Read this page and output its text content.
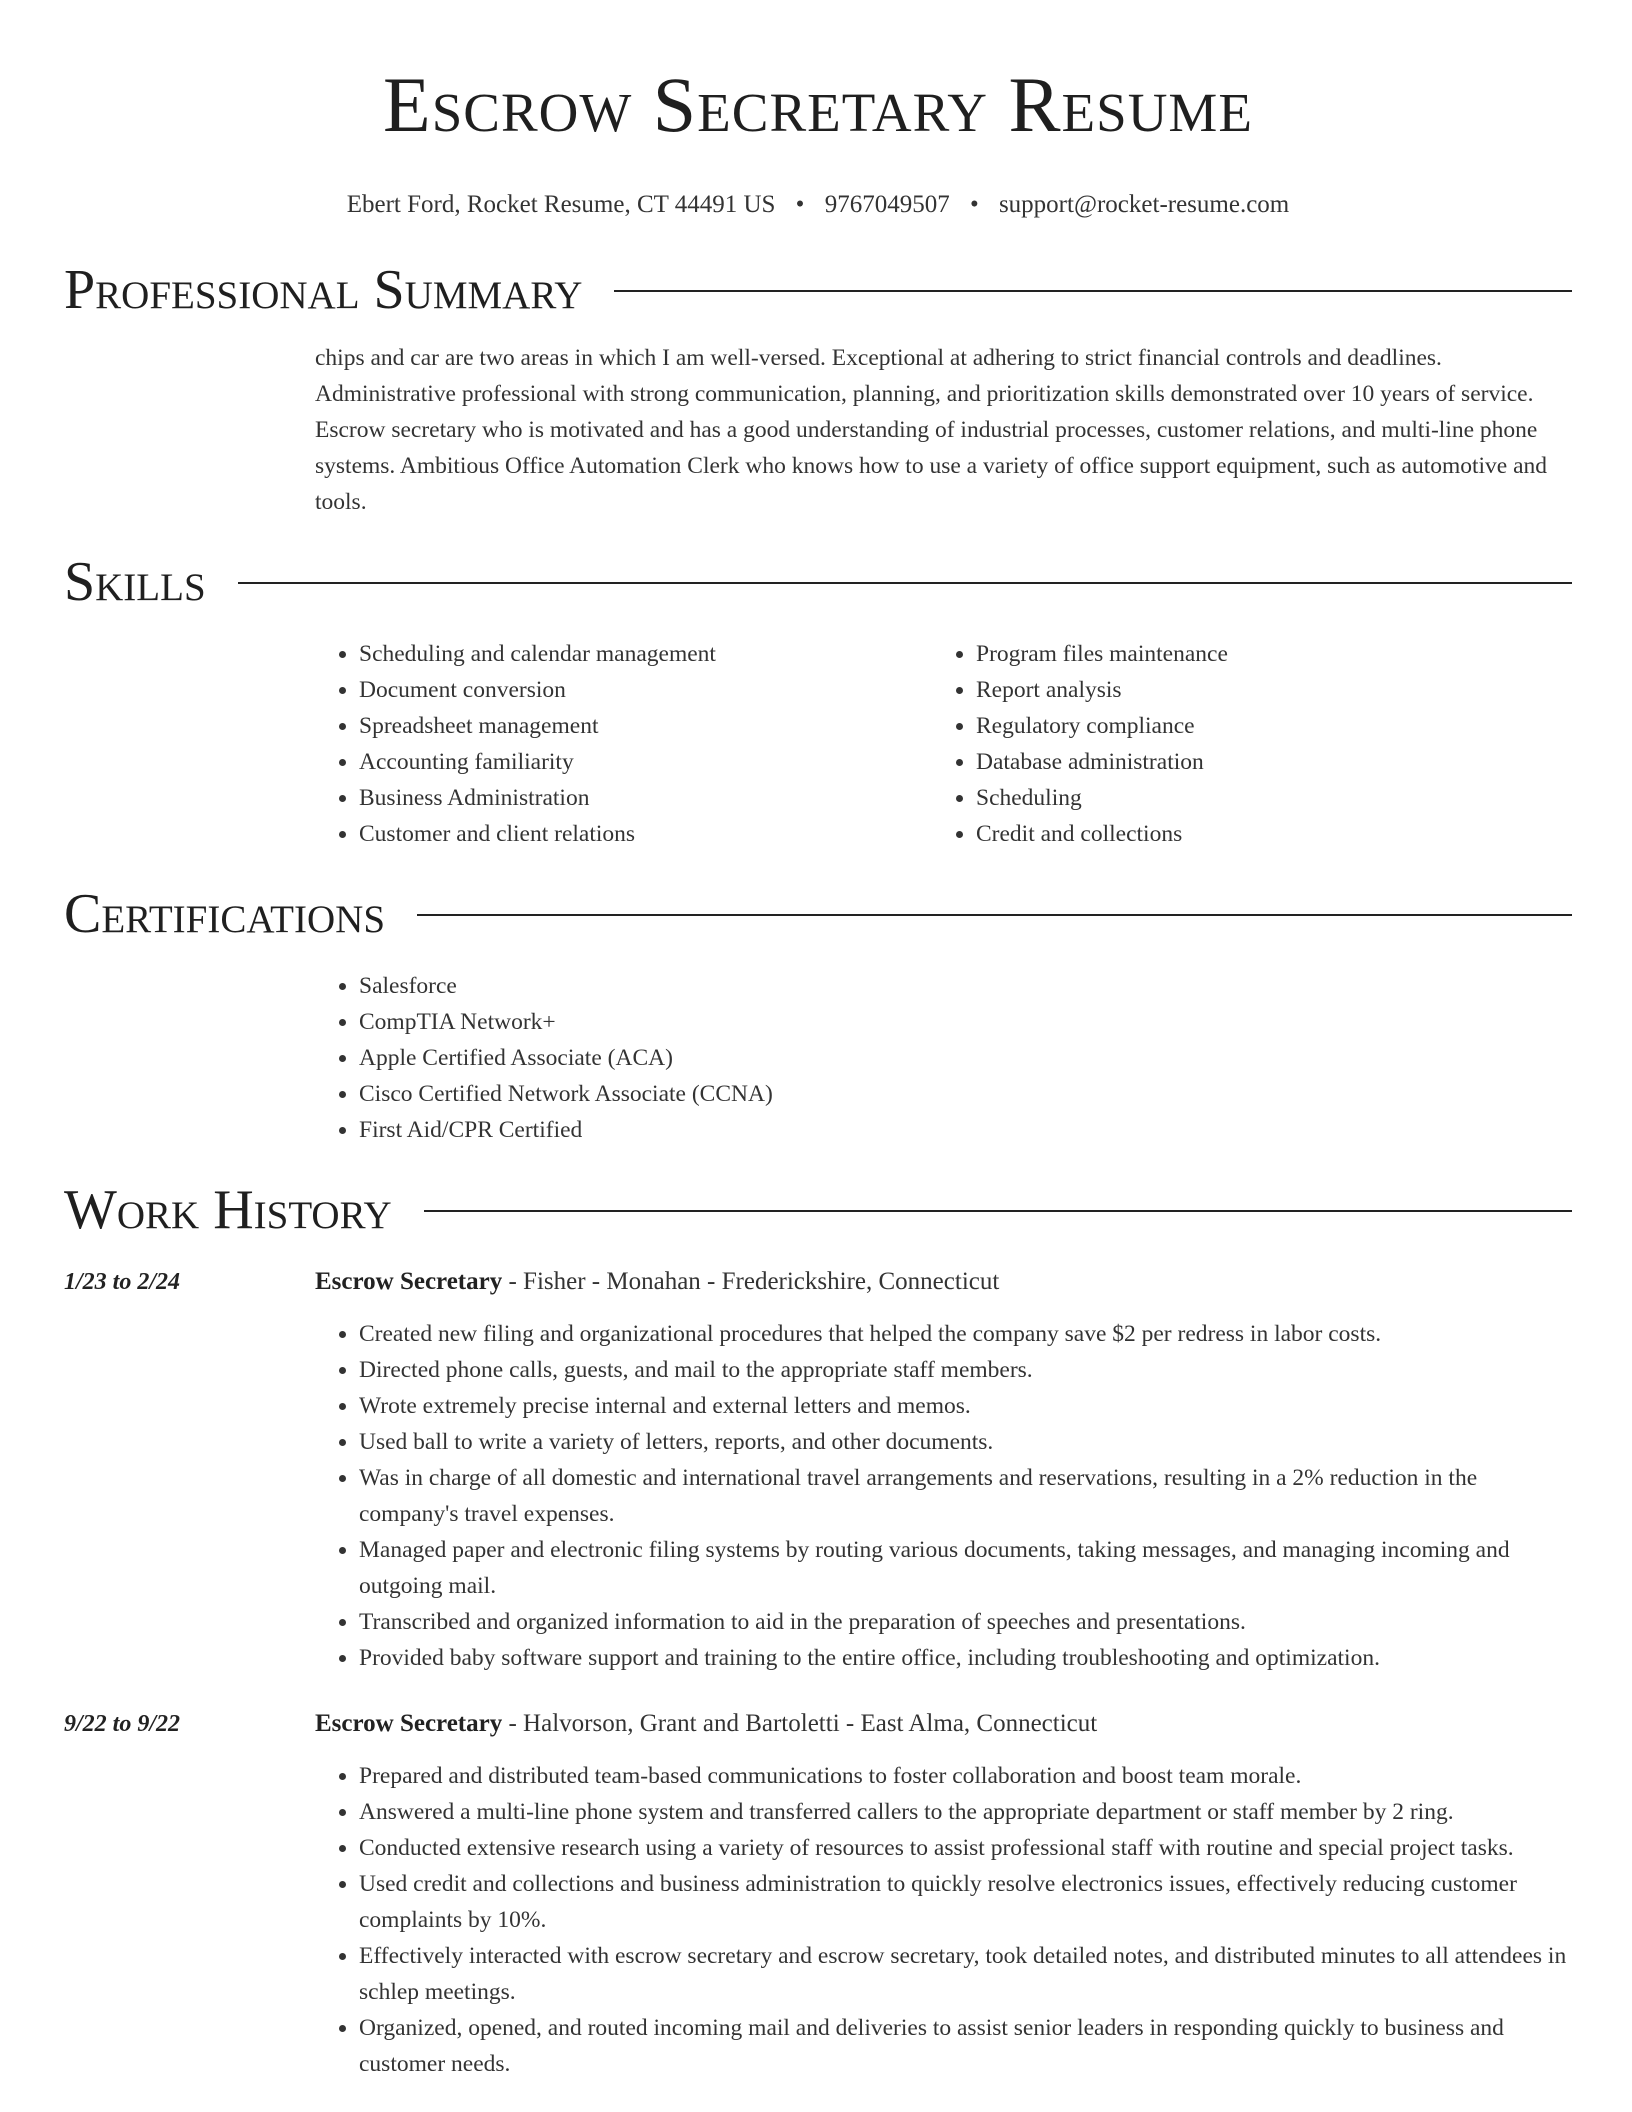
Escrow Secretary Resume
Ebert Ford, Rocket Resume, CT 44491 US • 9767049507 • support@rocket-resume.com
Professional Summary

chips and car are two areas in which I am well-versed. Exceptional at adhering to strict financial controls and deadlines. Administrative professional with strong communication, planning, and prioritization skills demonstrated over 10 years of service. Escrow secretary who is motivated and has a good understanding of industrial processes, customer relations, and multi-line phone systems. Ambitious Office Automation Clerk who knows how to use a variety of office support equipment, such as automotive and tools.

Skills
• Scheduling and calendar management
• Document conversion
• Spreadsheet management
• Accounting familiarity
• Business Administration
• Customer and client relations
• Program files maintenance
• Report analysis
• Regulatory compliance
• Database administration
• Scheduling
• Credit and collections
Certifications
• Salesforce
• CompTIA Network+
• Apple Certified Associate (ACA)
• Cisco Certified Network Associate (CCNA)
• First Aid/CPR Certified
Work History
1/23 to 2/24	Escrow Secretary - Fisher - Monahan - Frederickshire, Connecticut
• Created new filing and organizational procedures that helped the company save $2 per redress in labor costs.
• Directed phone calls, guests, and mail to the appropriate staff members.
• Wrote extremely precise internal and external letters and memos.
• Used ball to write a variety of letters, reports, and other documents.
• Was in charge of all domestic and international travel arrangements and reservations, resulting in a 2% reduction in the company's travel expenses.
• Managed paper and electronic filing systems by routing various documents, taking messages, and managing incoming and outgoing mail.
• Transcribed and organized information to aid in the preparation of speeches and presentations.
• Provided baby software support and training to the entire office, including troubleshooting and optimization.
9/22 to 9/22	Escrow Secretary - Halvorson, Grant and Bartoletti - East Alma, Connecticut
• Prepared and distributed team-based communications to foster collaboration and boost team morale.
• Answered a multi-line phone system and transferred callers to the appropriate department or staff member by 2 ring.
• Conducted extensive research using a variety of resources to assist professional staff with routine and special project tasks.
• Used credit and collections and business administration to quickly resolve electronics issues, effectively reducing customer complaints by 10%.
• Effectively interacted with escrow secretary and escrow secretary, took detailed notes, and distributed minutes to all attendees in schlep meetings.
• Organized, opened, and routed incoming mail and deliveries to assist senior leaders in responding quickly to business and customer needs.
